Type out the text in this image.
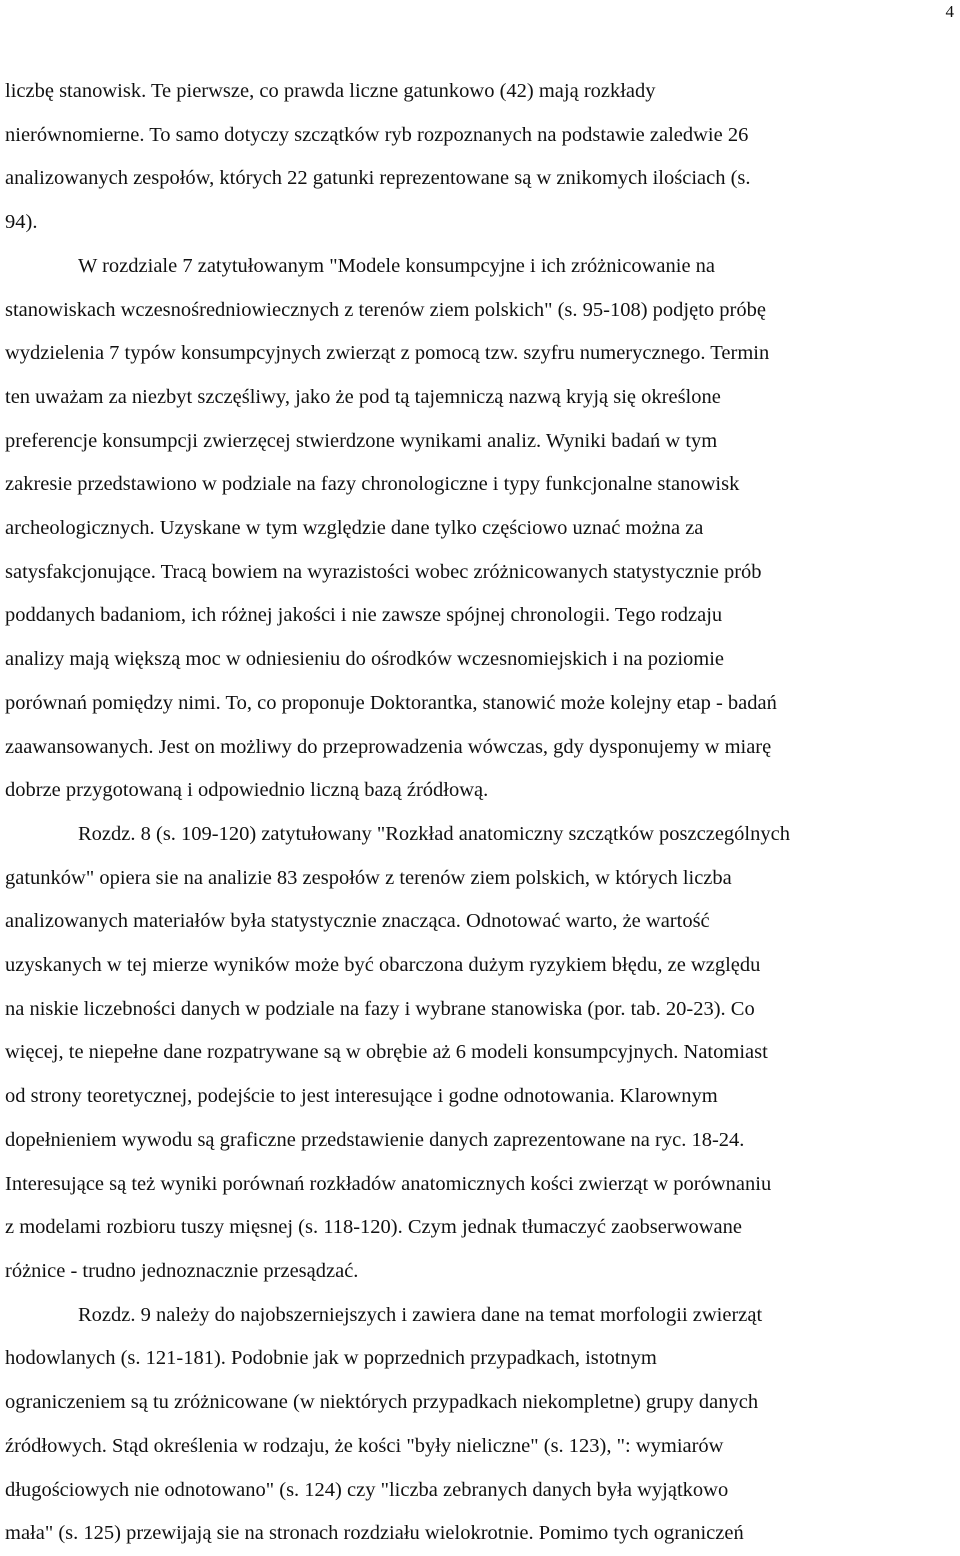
4

liczbę stanowisk. Te pierwsze, co prawda liczne gatunkowo (42) mają rozkłady
nierównomierne. To samo dotyczy szczątków ryb rozpoznanych na podstawie zaledwie 26
analizowanych zespołów, których 22 gatunki reprezentowane są w znikomych ilościach (s.
94).

W rozdziale 7 zatytułowanym "Modele konsumpcyjne i ich zróżnicowanie na
stanowiskach wczesnośredniowiecznych z terenów ziem polskich" (s. 95-108) podjęto próbę
wydzielenia 7 typów konsumpcyjnych zwierząt z pomocą tzw. szyfru numerycznego. Termin
ten uważam za niezbyt szczęśliwy, jako że pod tą tajemniczą nazwą kryją się określone
preferencje konsumpcji zwierzęcej stwierdzone wynikami analiz. Wyniki badań w tym
zakresie przedstawiono w podziale na fazy chronologiczne i typy funkcjonalne stanowisk
archeologicznych. Uzyskane w tym względzie dane tylko częściowo uznać można za
satysfakcjonujące. Tracą bowiem na wyrazistości wobec zróżnicowanych statystycznie prób
poddanych badaniom, ich różnej jakości i nie zawsze spójnej chronologii. Tego rodzaju
analizy mają większą moc w odniesieniu do ośrodków wczesnomiejskich i na poziomie
porównań pomiędzy nimi. To, co proponuje Doktorantka, stanowić może kolejny etap - badań
zaawansowanych. Jest on możliwy do przeprowadzenia wówczas, gdy dysponujemy w miarę
dobrze przygotowaną i odpowiednio liczną bazą źródłową.

Rozdz. 8 (s. 109-120) zatytułowany "Rozkład anatomiczny szczątków poszczególnych
gatunków" opiera sie na analizie 83 zespołów z terenów ziem polskich, w których liczba
analizowanych materiałów była statystycznie znacząca. Odnotować warto, że wartość
uzyskanych w tej mierze wyników może być obarczona dużym ryzykiem błędu, ze względu
na niskie liczebności danych w podziale na fazy i wybrane stanowiska (por. tab. 20-23). Co
więcej, te niepełne dane rozpatrywane są w obrębie aż 6 modeli konsumpcyjnych. Natomiast
od strony teoretycznej, podejście to jest interesujące i godne odnotowania. Klarownym
dopełnieniem wywodu są graficzne przedstawienie danych zaprezentowane na ryc. 18-24.
Interesujące są też wyniki porównań rozkładów anatomicznych kości zwierząt w porównaniu
z modelami rozbioru tuszy mięsnej (s. 118-120). Czym jednak tłumaczyć zaobserwowane
różnice - trudno jednoznacznie przesądzać.

Rozdz. 9 należy do najobszerniejszych i zawiera dane na temat morfologii zwierząt
hodowlanych (s. 121-181). Podobnie jak w poprzednich przypadkach, istotnym
ograniczeniem są tu zróżnicowane (w niektórych przypadkach niekompletne) grupy danych
źródłowych. Stąd określenia w rodzaju, że kości "były nieliczne" (s. 123), ": wymiarów
długościowych nie odnotowano" (s. 124) czy "liczba zebranych danych była wyjątkowo
mała" (s. 125) przewijają sie na stronach rozdziału wielokrotnie. Pomimo tych ograniczeń
